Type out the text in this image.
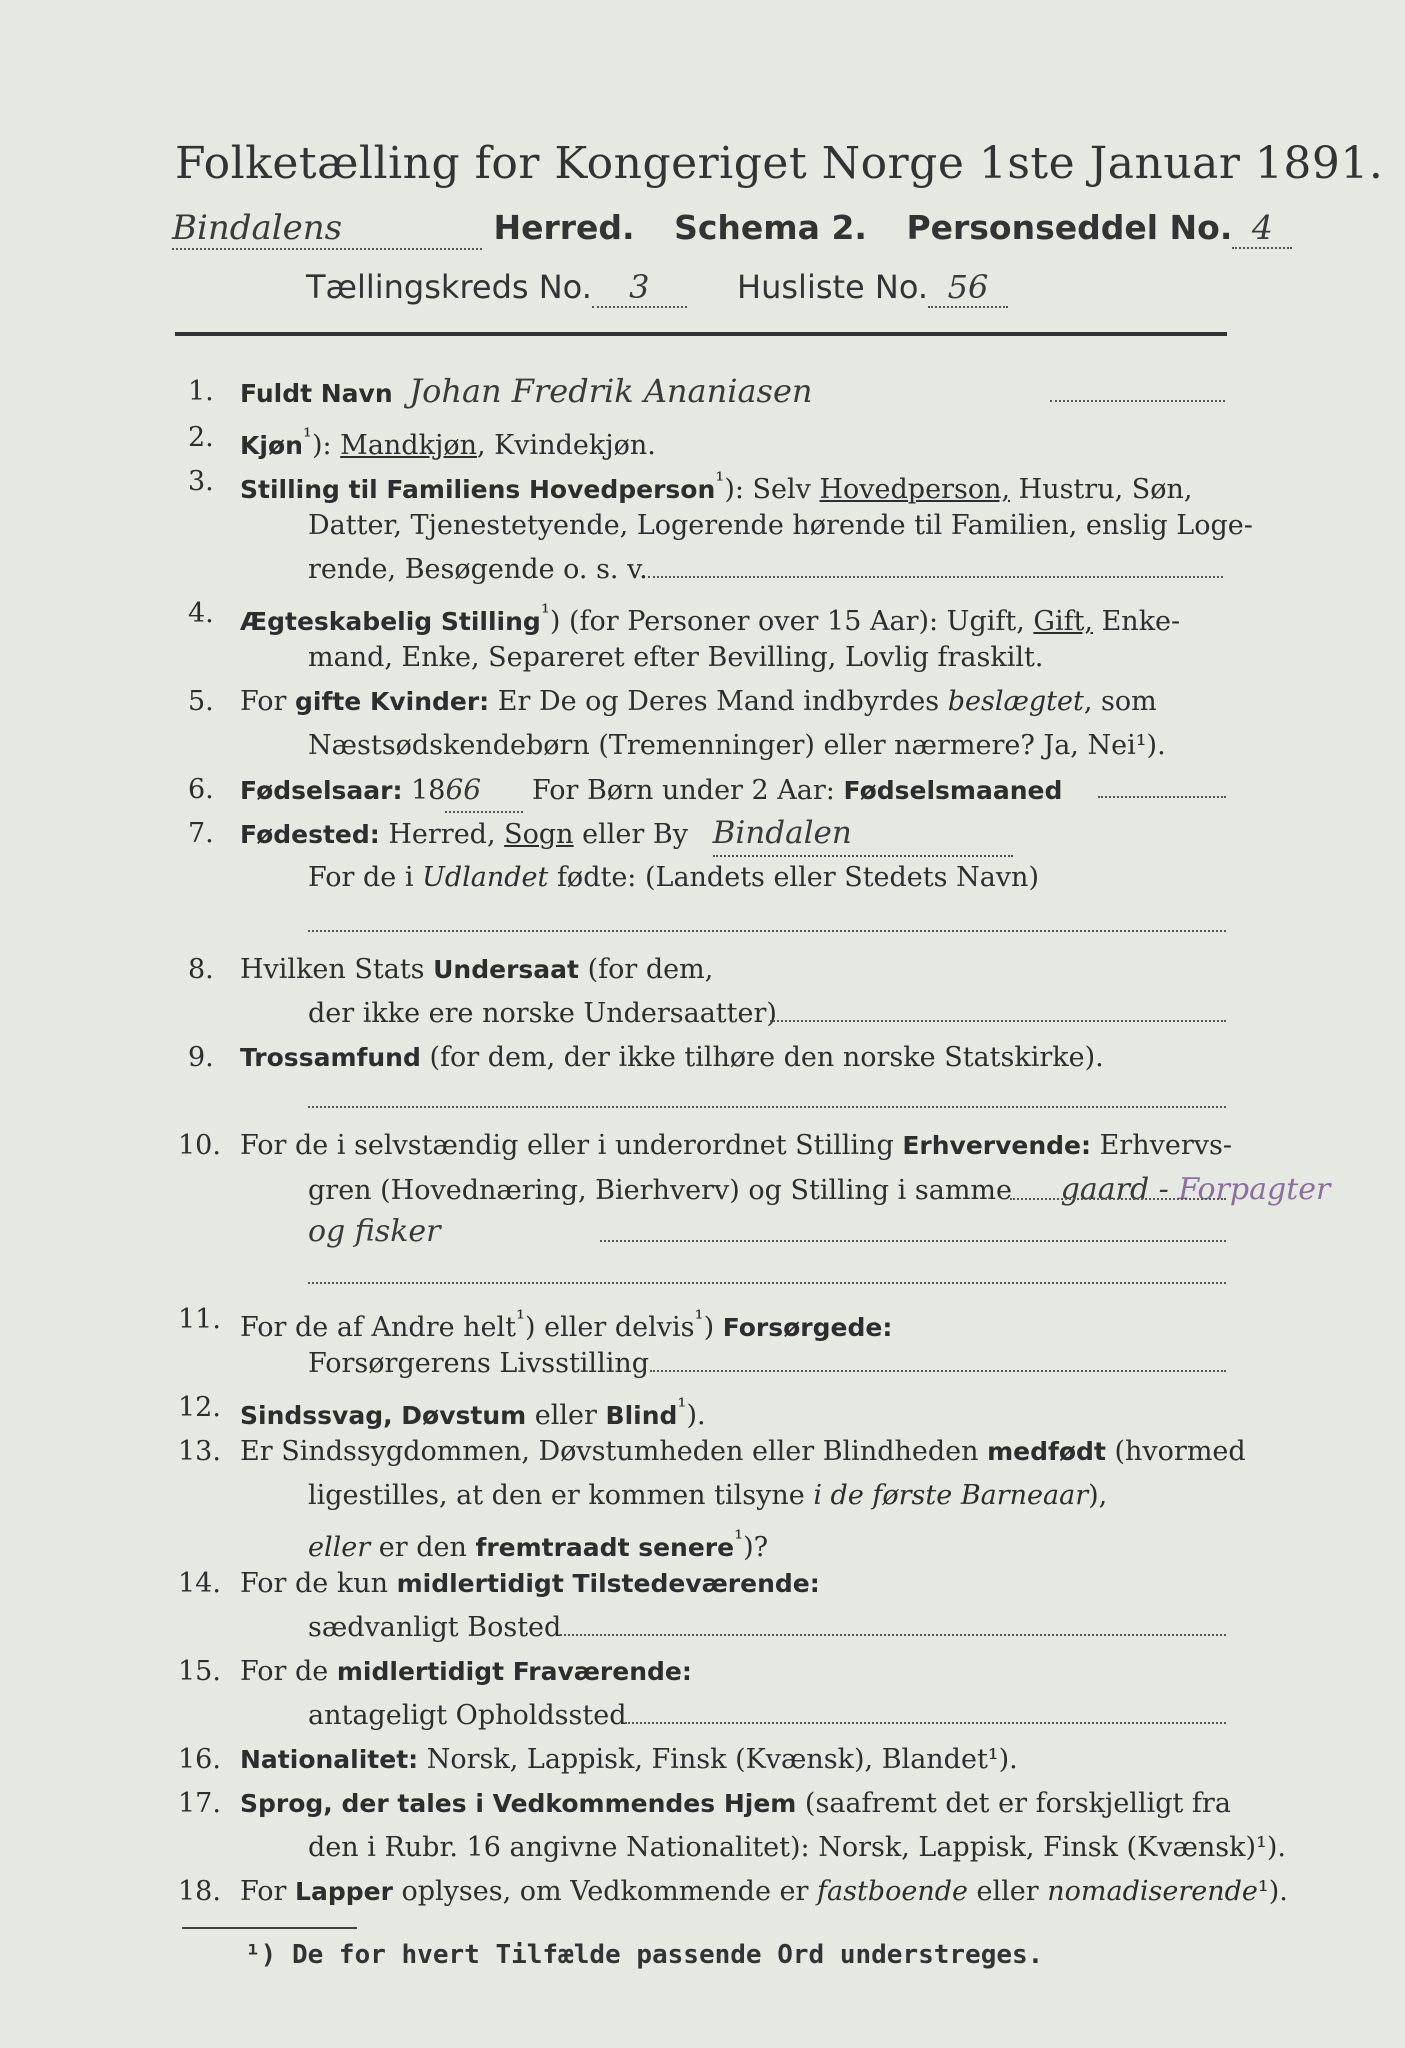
Folketælling for Kongeriget Norge 1ste Januar 1891.
Bindalens	Herred. Schema 2. Personseddel No. 4
Tællingskreds No. 3	Husliste No. 56
1.
2.
3.
4.
5.
6.
7.
8.
9.
10.
11.
12.
13.
14.
15.
16.
17.
18.
Fuldt Navn Johan Fredrik Ananiasen
Kjøn$^{^1}$): Mandkjøn, Kvindekjøn.
Stilling til Familiens Hovedperson$^{^1}$): Selv Hovedperson, Hustru, Søn,
Datter, Tjenestetyende, Logerende hørende til Familien, enslig Loge-
rende, Besøgende o. s. v.
Ægteskabelig Stilling$^{^1}$) (for Personer over 15 Aar): Ugift, Gift, Enke-
mand, Enke, Separeret efter Bevilling, Lovlig fraskilt.
For gifte Kvinder: Er De og Deres Mand indbyrdes beslægtet, som
Næstsødskendebørn (Tremenninger) eller nærmere? Ja, Nei¹).
Fødselsaar: 1866 For Børn under 2 Aar: Fødselsmaaned
Fødested: Herred, Sogn eller By Bindalen
For de i Udlandet fødte: (Landets eller Stedets Navn)
Hvilken Stats Undersaat (for dem,
der ikke ere norske Undersaatter)
Trossamfund (for dem, der ikke tilhøre den norske Statskirke).
For de i selvstændig eller i underordnet Stilling Erhvervende: Erhvervs-
gren (Hovednæring, Bierhverv) og Stilling i samme gaard - Forpagter
og fisker
For de af Andre helt$^{^1}$) eller delvis$^{^1}$) Forsørgede:
Forsørgerens Livsstilling
Sindssvag, Døvstum eller Blind$^{^1}$).
Er Sindssygdommen, Døvstumheden eller Blindheden medfødt (hvormed
ligestilles, at den er kommen tilsyne i de første Barneaar),
eller er den fremtraadt senere$^{^1}$)?
For de kun midlertidigt Tilstedeværende:
sædvanligt Bosted
For de midlertidigt Fraværende:
antageligt Opholdssted
Nationalitet: Norsk, Lappisk, Finsk (Kvænsk), Blandet¹).
Sprog, der tales i Vedkommendes Hjem (saafremt det er forskjelligt fra
den i Rubr. 16 angivne Nationalitet): Norsk, Lappisk, Finsk (Kvænsk)¹).
For Lapper oplyses, om Vedkommende er fastboende eller nomadiserende¹).
¹) De for hvert Tilfælde passende Ord understreges.
